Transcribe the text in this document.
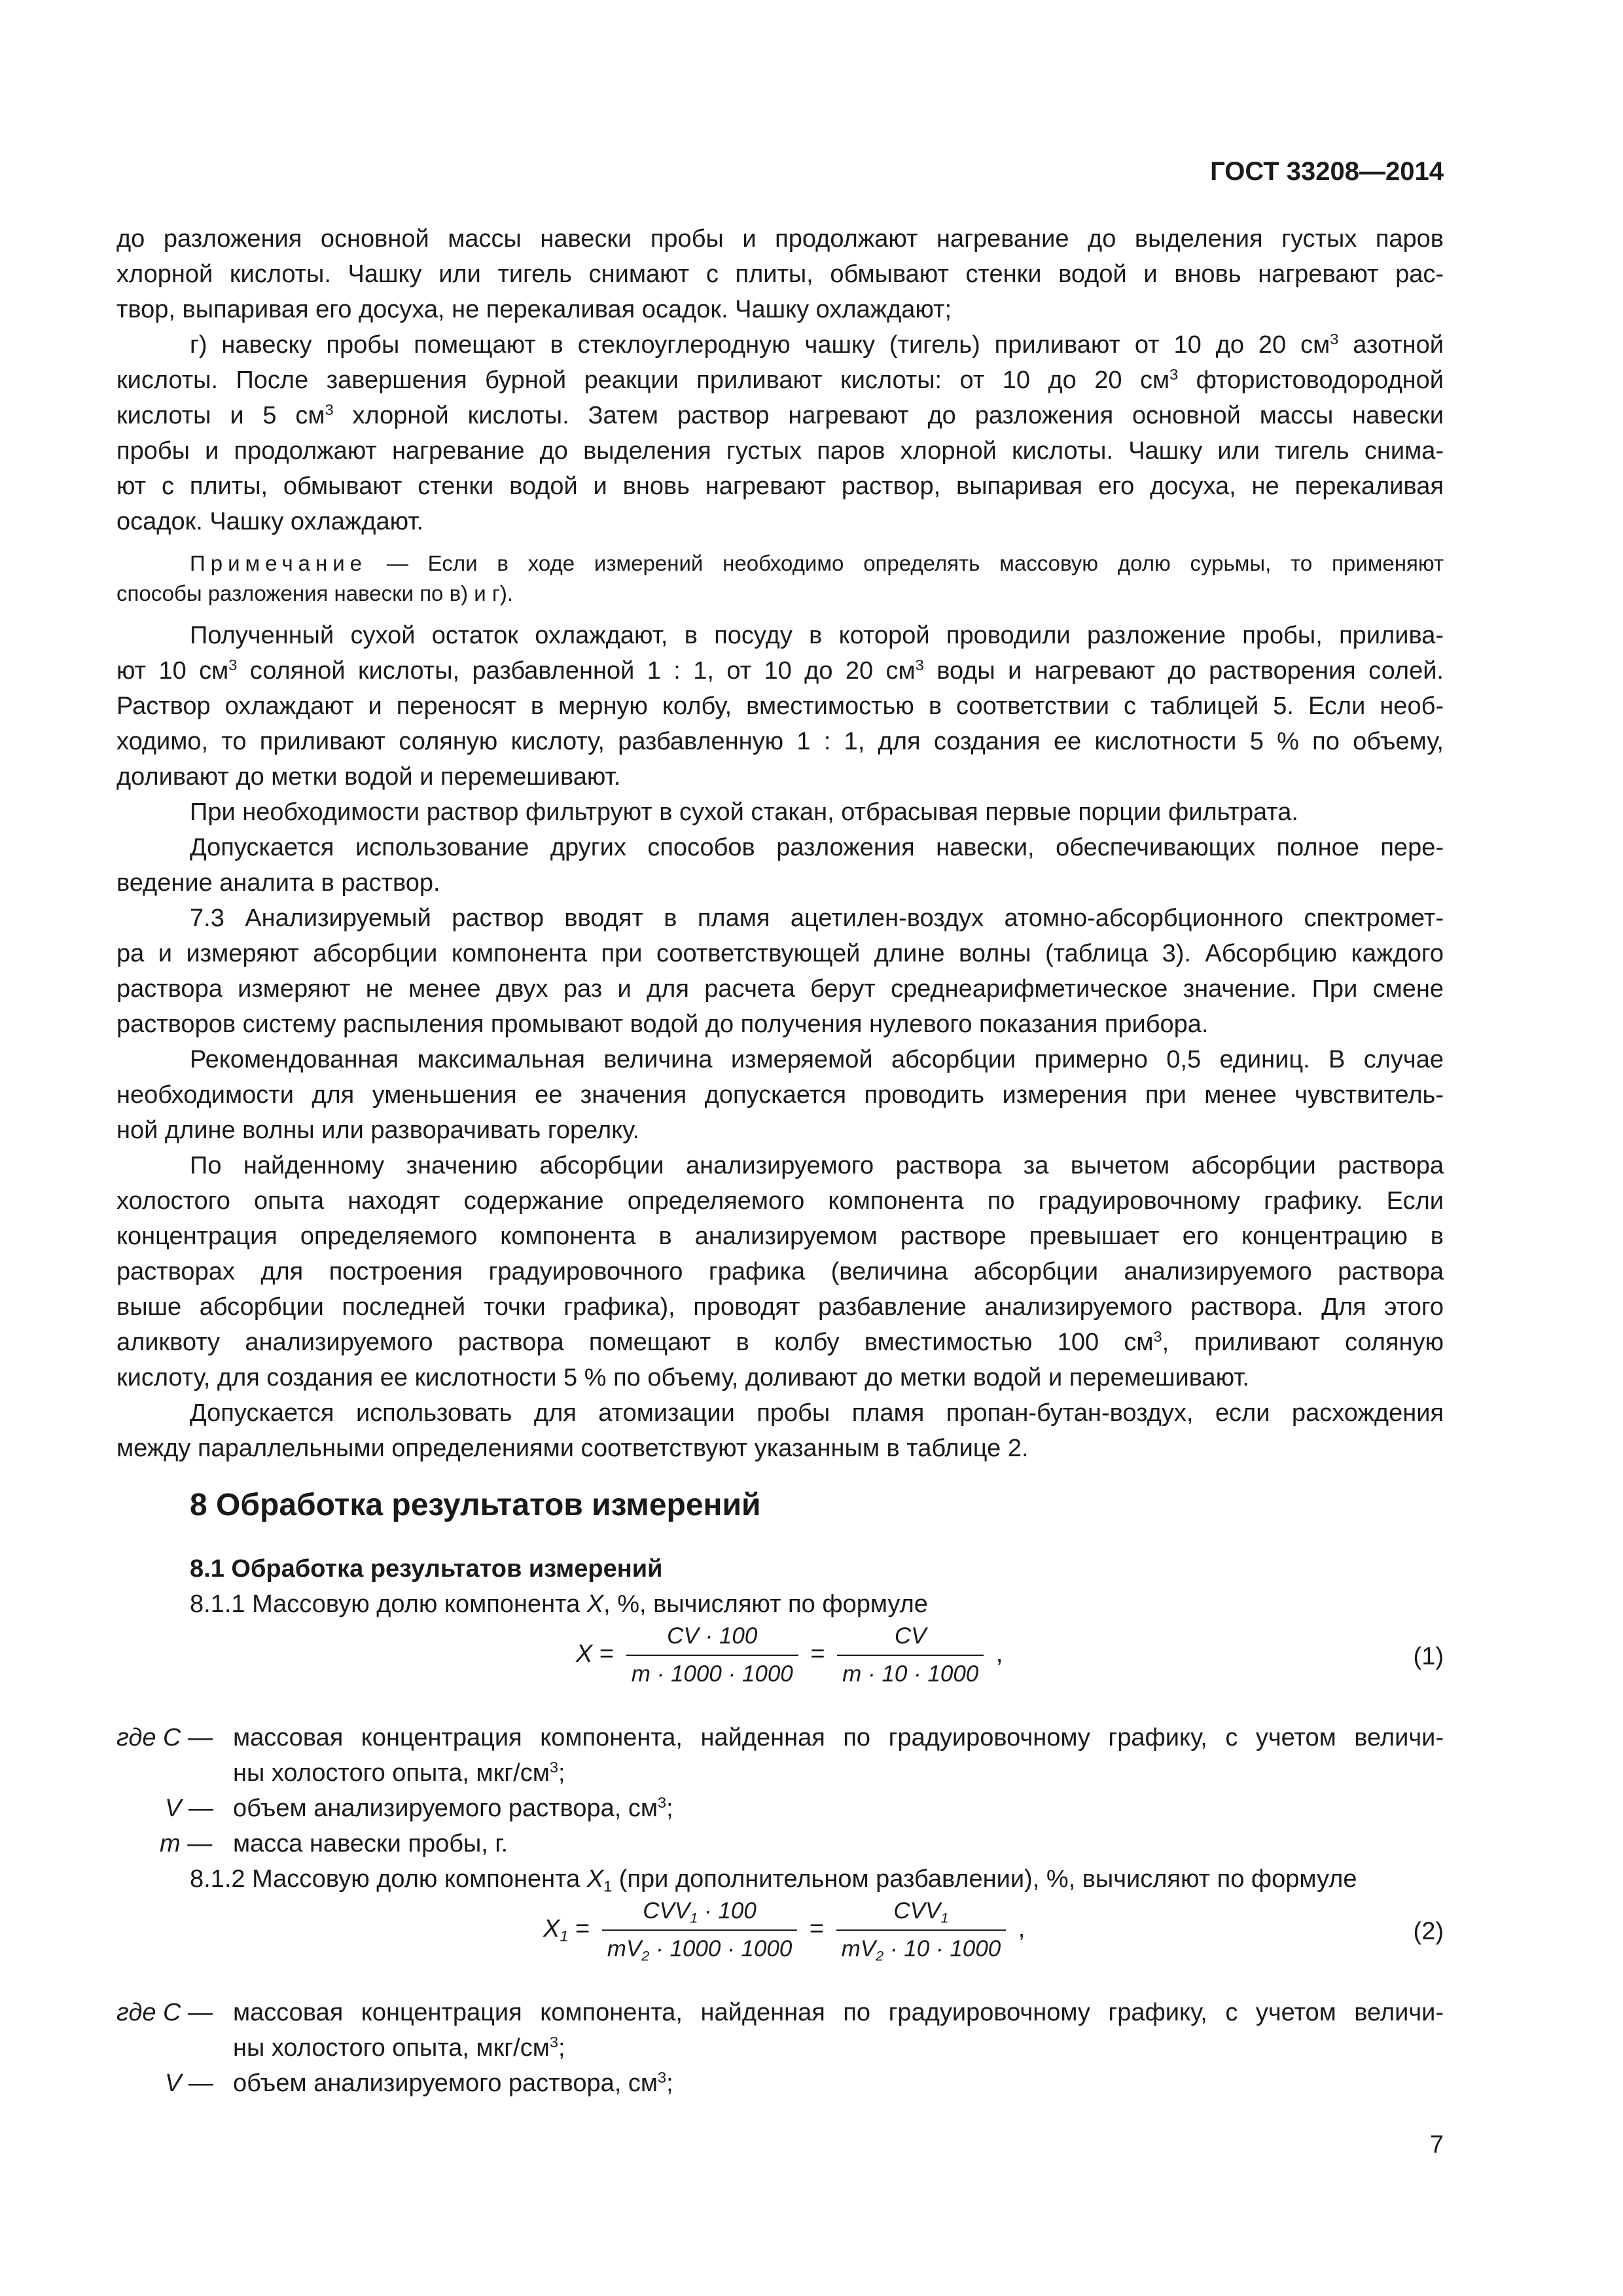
ГОСТ 33208—2014
до разложения основной массы навески пробы и продолжают нагревание до выделения густых паров
хлорной кислоты. Чашку или тигель снимают с плиты, обмывают стенки водой и вновь нагревают рас-
твор, выпаривая его досуха, не перекаливая осадок. Чашку охлаждают;
г) навеску пробы помещают в стеклоуглеродную чашку (тигель) приливают от 10 до 20 $см^3$ азотной
кислоты. После завершения бурной реакции приливают кислоты: от 10 до 20 $см^3$ фтористоводородной
кислоты и 5 $см^3$ хлорной кислоты. Затем раствор нагревают до разложения основной массы навески
пробы и продолжают нагревание до выделения густых паров хлорной кислоты. Чашку или тигель снима-
ют с плиты, обмывают стенки водой и вновь нагревают раствор, выпаривая его досуха, не перекаливая
осадок. Чашку охлаждают.
Примечание — Если в ходе измерений необходимо определять массовую долю сурьмы, то применяют
способы разложения навески по в) и г).
Полученный сухой остаток охлаждают, в посуду в которой проводили разложение пробы, прилива-
ют 10 $см^3$ соляной кислоты, разбавленной 1 : 1, от 10 до 20 $см^3$ воды и нагревают до растворения солей.
Раствор охлаждают и переносят в мерную колбу, вместимостью в соответствии с таблицей 5. Если необ-
ходимо, то приливают соляную кислоту, разбавленную 1 : 1, для создания ее кислотности 5 % по объему,
доливают до метки водой и перемешивают.
При необходимости раствор фильтруют в сухой стакан, отбрасывая первые порции фильтрата.
Допускается использование других способов разложения навески, обеспечивающих полное пере-
ведение аналита в раствор.
7.3 Анализируемый раствор вводят в пламя ацетилен-воздух атомно-абсорбционного спектромет-
ра и измеряют абсорбции компонента при соответствующей длине волны (таблица 3). Абсорбцию каждого
раствора измеряют не менее двух раз и для расчета берут среднеарифметическое значение. При смене
растворов систему распыления промывают водой до получения нулевого показания прибора.
Рекомендованная максимальная величина измеряемой абсорбции примерно 0,5 единиц. В случае
необходимости для уменьшения ее значения допускается проводить измерения при менее чувствитель-
ной длине волны или разворачивать горелку.
По найденному значению абсорбции анализируемого раствора за вычетом абсорбции раствора
холостого опыта находят содержание определяемого компонента по градуировочному графику. Если
концентрация определяемого компонента в анализируемом растворе превышает его концентрацию в
растворах для построения градуировочного графика (величина абсорбции анализируемого раствора
выше абсорбции последней точки графика), проводят разбавление анализируемого раствора. Для этого
аликвоту анализируемого раствора помещают в колбу вместимостью 100 $см^3$, приливают соляную
кислоту, для создания ее кислотности 5 % по объему, доливают до метки водой и перемешивают.
Допускается использовать для атомизации пробы пламя пропан-бутан-воздух, если расхождения
между параллельными определениями соответствуют указанным в таблице 2.
8 Обработка результатов измерений
8.1 Обработка результатов измерений
8.1.1 Массовую долю компонента X, %, вычисляют по формуле
$X = \frac{CV \cdot 100}{m \cdot 1000 \cdot 1000} = \frac{CV}{m \cdot 10 \cdot 1000}$ ,	(1)
где C — массовая концентрация компонента, найденная по градуировочному графику, с учетом величи-
ны холостого опыта, мкг/$см^3$;
V — объем анализируемого раствора, $см^3$;
m — масса навески пробы, г.
8.1.2 Массовую долю компонента $X_1$ (при дополнительном разбавлении), %, вычисляют по формуле
$X_1 = \frac{CVV_1 \cdot 100}{mV_2 \cdot 1000 \cdot 1000} = \frac{CVV_1}{mV_2 \cdot 10 \cdot 1000}$ ,	(2)
где C — массовая концентрация компонента, найденная по градуировочному графику, с учетом величи-
ны холостого опыта, мкг/$см^3$;
V — объем анализируемого раствора, $см^3$;
7
